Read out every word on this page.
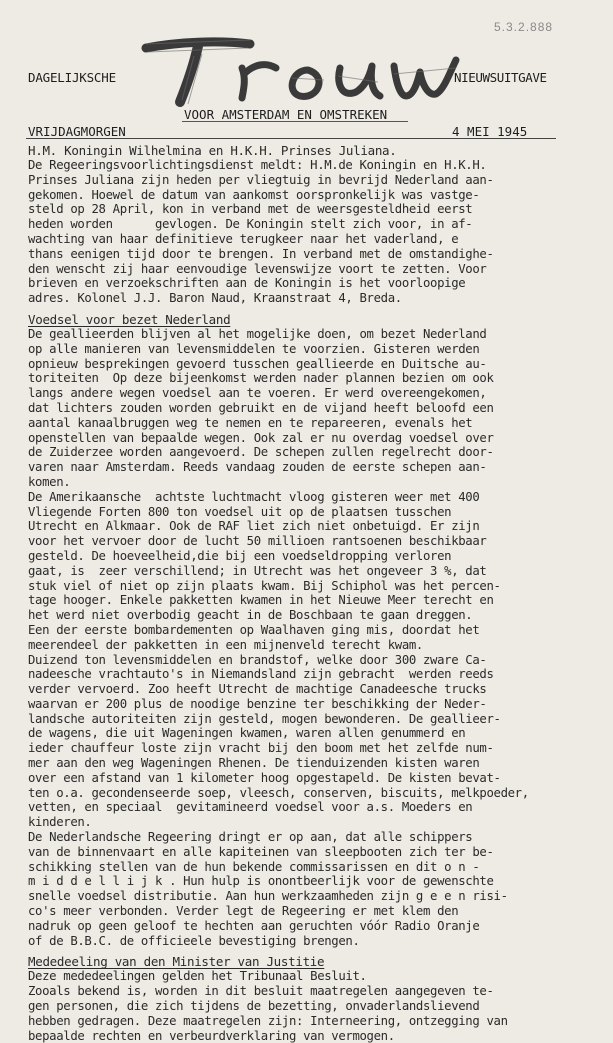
5.3.2.888
DAGELIJKSCHE	NIEUWSUITGAVE
VOOR AMSTERDAM EN OMSTREKEN
VRIJDAGMORGEN	4 MEI 1945
H.M. Koningin Wilhelmina en H.K.H. Prinses Juliana.
De Regeeringsvoorlichtingsdienst meldt: H.M.de Koningin en H.K.H.
Prinses Juliana zijn heden per vliegtuig in bevrijd Nederland aan-
gekomen. Hoewel de datum van aankomst oorspronkelijk was vastge-
steld op 28 April, kon in verband met de weersgesteldheid eerst
heden worden      gevlogen. De Koningin stelt zich voor, in af-
wachting van haar definitieve terugkeer naar het vaderland, e
thans eenigen tijd door te brengen. In verband met de omstandighe-
den wenscht zij haar eenvoudige levenswijze voort te zetten. Voor
brieven en verzoekschriften aan de Koningin is het voorloopige
adres. Kolonel J.J. Baron Naud, Kraanstraat 4, Breda.
Voedsel voor bezet Nederland
De geallieerden blijven al het mogelijke doen, om bezet Nederland
op alle manieren van levensmiddelen te voorzien. Gisteren werden
opnieuw besprekingen gevoerd tusschen geallieerde en Duitsche au-
toriteiten  Op deze bijeenkomst werden nader plannen bezien om ook
langs andere wegen voedsel aan te voeren. Er werd overeengekomen,
dat lichters zouden worden gebruikt en de vijand heeft beloofd een
aantal kanaalbruggen weg te nemen en te repareeren, evenals het
openstellen van bepaalde wegen. Ook zal er nu overdag voedsel over
de Zuiderzee worden aangevoerd. De schepen zullen regelrecht door-
varen naar Amsterdam. Reeds vandaag zouden de eerste schepen aan-
komen.
De Amerikaansche  achtste luchtmacht vloog gisteren weer met 400
Vliegende Forten 800 ton voedsel uit op de plaatsen tusschen
Utrecht en Alkmaar. Ook de RAF liet zich niet onbetuigd. Er zijn
voor het vervoer door de lucht 50 millioen rantsoenen beschikbaar
gesteld. De hoeveelheid,die bij een voedseldropping verloren
gaat, is  zeer verschillend; in Utrecht was het ongeveer 3 %, dat
stuk viel of niet op zijn plaats kwam. Bij Schiphol was het percen-
tage hooger. Enkele pakketten kwamen in het Nieuwe Meer terecht en
het werd niet overbodig geacht in de Boschbaan te gaan dreggen.
Een der eerste bombardementen op Waalhaven ging mis, doordat het
meerendeel der pakketten in een mijnenveld terecht kwam.
Duizend ton levensmiddelen en brandstof, welke door 300 zware Ca-
nadeesche vrachtauto's in Niemandsland zijn gebracht  werden reeds
verder vervoerd. Zoo heeft Utrecht de machtige Canadeesche trucks
waarvan er 200 plus de noodige benzine ter beschikking der Neder-
landsche autoriteiten zijn gesteld, mogen bewonderen. De geallieer-
de wagens, die uit Wageningen kwamen, waren allen genummerd en
ieder chauffeur loste zijn vracht bij den boom met het zelfde num-
mer aan den weg Wageningen Rhenen. De tienduizenden kisten waren
over een afstand van 1 kilometer hoog opgestapeld. De kisten bevat-
ten o.a. gecondenseerde soep, vleesch, conserven, biscuits, melkpoeder,
vetten, en speciaal  gevitamineerd voedsel voor a.s. Moeders en
kinderen.
De Nederlandsche Regeering dringt er op aan, dat alle schippers
van de binnenvaart en alle kapiteinen van sleepbooten zich ter be-
schikking stellen van de hun bekende commissarissen en dit o n -
m i d d e l l i j k . Hun hulp is onontbeerlijk voor de gewenschte
snelle voedsel distributie. Aan hun werkzaamheden zijn g e e n risi-
co's meer verbonden. Verder legt de Regeering er met klem den
nadruk op geen geloof te hechten aan geruchten vóór Radio Oranje
of de B.B.C. de officieele bevestiging brengen.
Mededeeling van den Minister van Justitie
Deze mededeelingen gelden het Tribunaal Besluit.
Zooals bekend is, worden in dit besluit maatregelen aangegeven te-
gen personen, die zich tijdens de bezetting, onvaderlandslievend
hebben gedragen. Deze maatregelen zijn: Interneering, ontzegging van
bepaalde rechten en verbeurdverklaring van vermogen.
